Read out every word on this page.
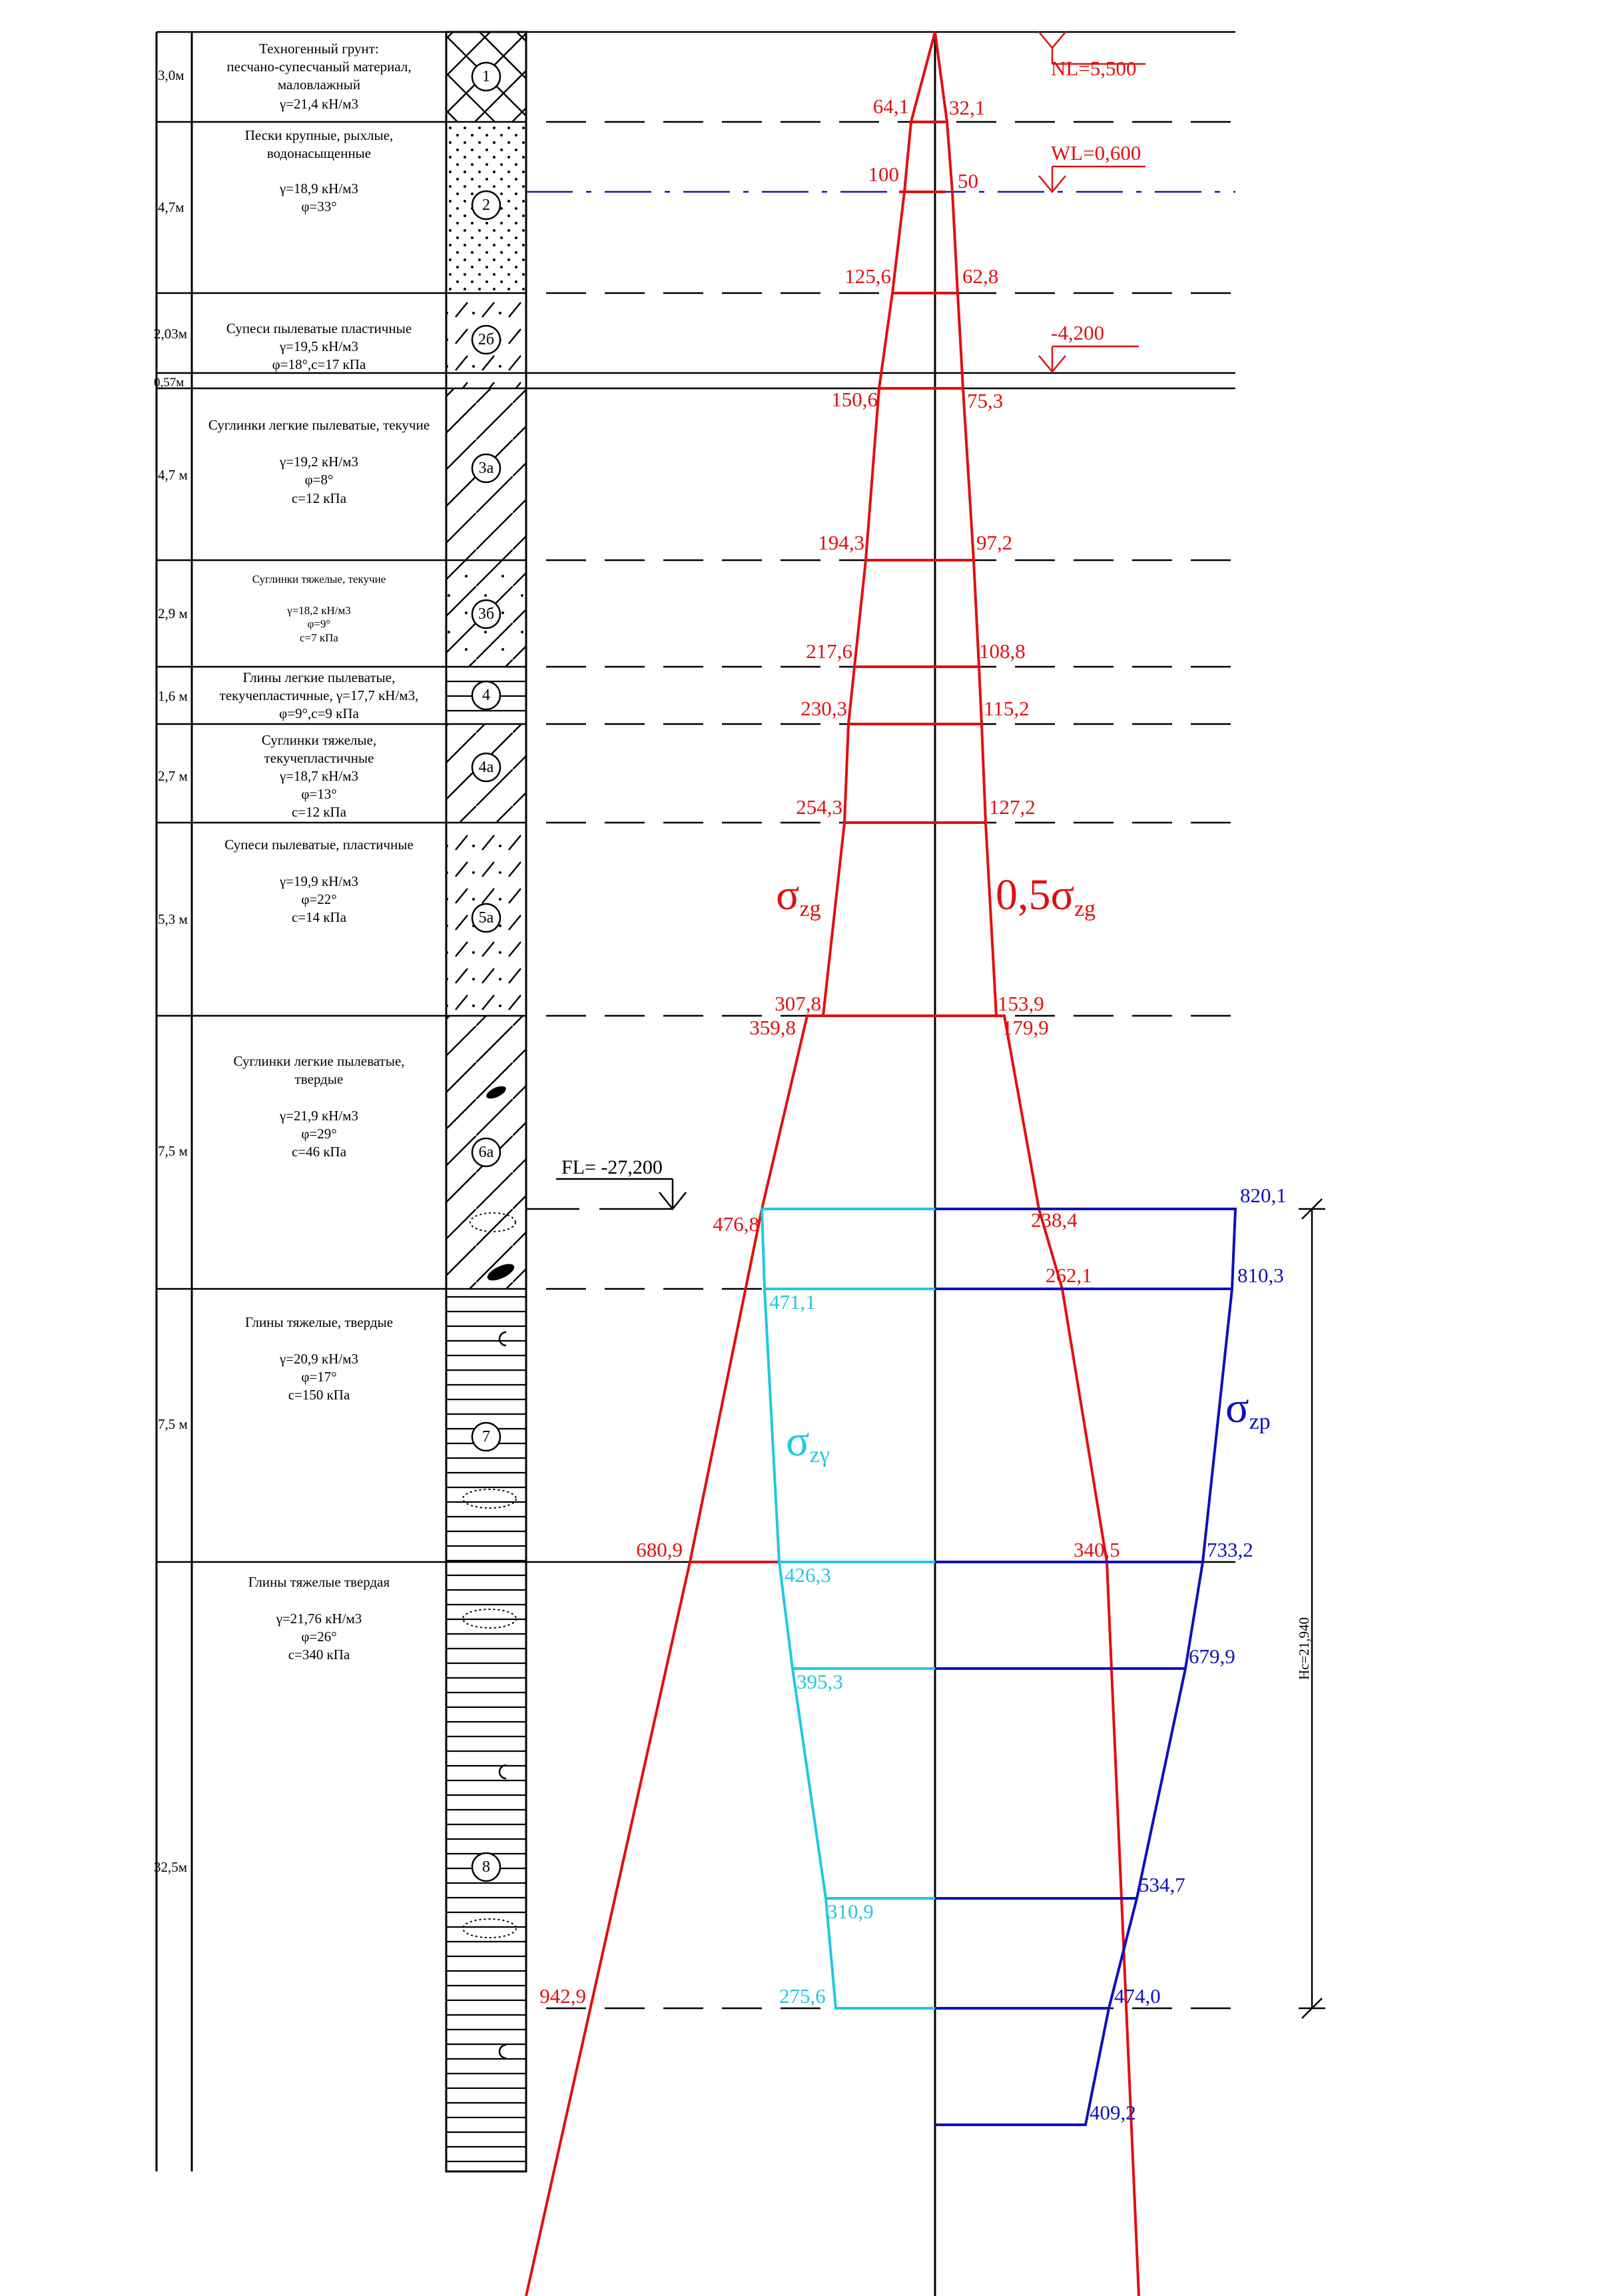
Hc=21,940
NL=5,500
WL=0,600
-4,200
FL= -27,200
3,0м
Техногенный грунт:
песчано-супесчаный материал,
маловлажный
γ=21,4 кН/м3
4,7м
Пески крупные, рыхлые,
водонасыщенные
γ=18,9 кН/м3
φ=33°
2,03м	Супеси пылеватые пластичные
γ=19,5 кН/м3
φ=18°,c=17 кПа
0,57м
4,7 м
Суглинки легкие пылеватые, текучие
γ=19,2 кН/м3
φ=8°
c=12 кПа
2,9 м
Суглинки тяжелые, текучие
γ=18,2 кН/м3
φ=9°
c=7 кПа
1,6 м
Глины легкие пылеватые,
текучепластичные, γ=17,7 кН/м3,
φ=9°,c=9 кПа
2,7 м
Суглинки тяжелые,
текучепластичные
γ=18,7 кН/м3
φ=13°
c=12 кПа
5,3 м
Супеси пылеватые, пластичные
γ=19,9 кН/м3
φ=22°
c=14 кПа
7,5 м
Суглинки легкие пылеватые,
твердые
γ=21,9 кН/м3
φ=29°
c=46 кПа
7,5 м
Глины тяжелые, твердые
γ=20,9 кН/м3
φ=17°
c=150 кПа
32,5м
Глины тяжелые твердая
γ=21,76 кН/м3
φ=26°
c=340 кПа
1
2
2б
3а
3б
4
4а
5а
6а
7
8
64,1
100
125,6
150,6
194,3
217,6
230,3
254,3
307,8
359,8
476,8
680,9
942,9
32,1
50
62,8
75,3
97,2
108,8
115,2
127,2
153,9
179,9
238,4
262,1
340,5
471,1
426,3
395,3
310,9
275,6
820,1
810,3
733,2
679,9
534,7
474,0
409,2
σzg	0,5σzg
σzγ
σzp
